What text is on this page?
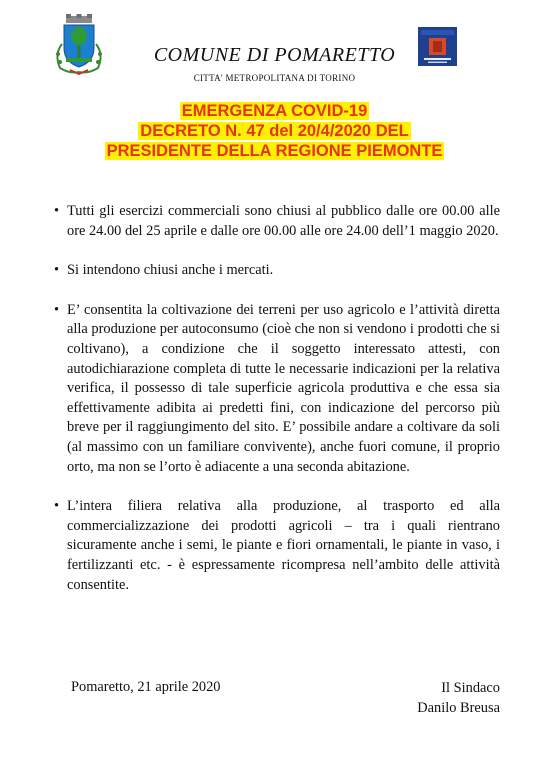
COMUNE DI POMARETTO
CITTA' METROPOLITANA DI TORINO
EMERGENZA COVID-19
DECRETO N. 47 del 20/4/2020 DEL
PRESIDENTE DELLA REGIONE PIEMONTE
• Tutti gli esercizi commerciali sono chiusi al pubblico dalle ore 00.00 alle ore 24.00 del 25 aprile e dalle ore 00.00 alle ore 24.00 dell’1 maggio 2020.
• Si intendono chiusi anche i mercati.
• E’ consentita la coltivazione dei terreni per uso agricolo e l’attività diretta alla produzione per autoconsumo (cioè che non si vendono i prodotti che si coltivano), a condizione che il soggetto interessato attesti, con autodichiarazione completa di tutte le necessarie indicazioni per la relativa verifica, il possesso di tale superficie agricola produttiva e che essa sia effettivamente adibita ai predetti fini, con indicazione del percorso più breve per il raggiungimento del sito. E’ possibile andare a coltivare da soli (al massimo con un familiare convivente), anche fuori comune, il proprio orto, ma non se l’orto è adiacente a una seconda abitazione.
• L’intera filiera relativa alla produzione, al trasporto ed alla commercializzazione dei prodotti agricoli – tra i quali rientrano sicuramente anche i semi, le piante e fiori ornamentali, le piante in vaso, i fertilizzanti etc. - è espressamente ricompresa nell’ambito delle attività consentite.
Pomaretto, 21 aprile 2020	Il Sindaco
Danilo Breusa
